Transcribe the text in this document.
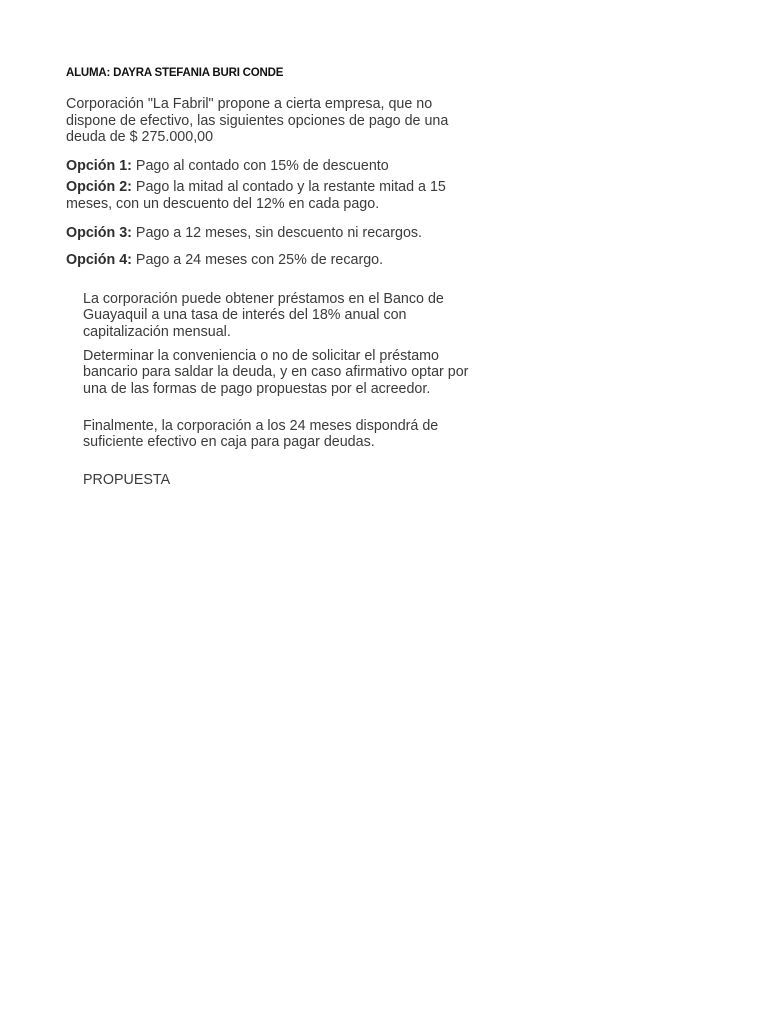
ALUMA: DAYRA STEFANIA BURI CONDE

Corporación "La Fabril" propone a cierta empresa, que no dispone de efectivo, las siguientes opciones de pago de una deuda de $ 275.000,00

Opción 1: Pago al contado con 15% de descuento

Opción 2: Pago la mitad al contado y la restante mitad a 15 meses, con un descuento del 12% en cada pago.

Opción 3: Pago a 12 meses, sin descuento ni recargos.

Opción 4: Pago a 24 meses con 25% de recargo.

La corporación puede obtener préstamos en el Banco de Guayaquil a una tasa de interés del 18% anual con capitalización mensual.

Determinar la conveniencia o no de solicitar el préstamo bancario para saldar la deuda, y en caso afirmativo optar por una de las formas de pago propuestas por el acreedor.

Finalmente, la corporación a los 24 meses dispondrá de suficiente efectivo en caja para pagar deudas.

PROPUESTA
